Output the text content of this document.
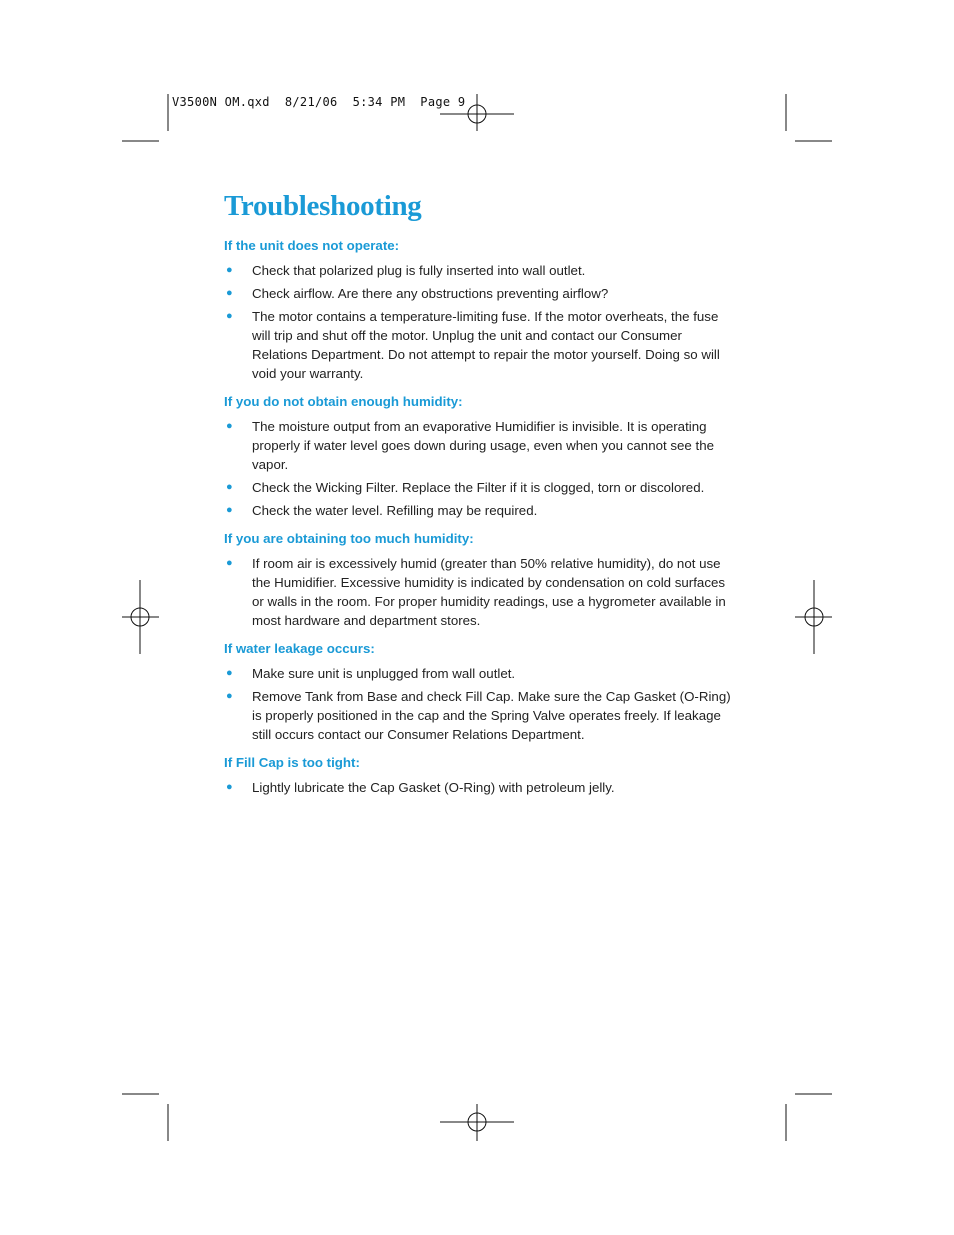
V3500N OM.qxd  8/21/06  5:34 PM  Page 9
Troubleshooting
If the unit does not operate:
● Check that polarized plug is fully inserted into wall outlet.
● Check airflow. Are there any obstructions preventing airflow?
● The motor contains a temperature-limiting fuse. If the motor overheats, the fuse will trip and shut off the motor. Unplug the unit and contact our Consumer Relations Department. Do not attempt to repair the motor yourself. Doing so will void your warranty.
If you do not obtain enough humidity:
● The moisture output from an evaporative Humidifier is invisible. It is operating properly if water level goes down during usage, even when you cannot see the vapor.
● Check the Wicking Filter. Replace the Filter if it is clogged, torn or discolored.
● Check the water level. Refilling may be required.
If you are obtaining too much humidity:
● If room air is excessively humid (greater than 50% relative humidity), do not use the Humidifier. Excessive humidity is indicated by condensation on cold surfaces or walls in the room. For proper humidity readings, use a hygrometer available in most hardware and department stores.
If water leakage occurs:
● Make sure unit is unplugged from wall outlet.
● Remove Tank from Base and check Fill Cap. Make sure the Cap Gasket (O-Ring) is properly positioned in the cap and the Spring Valve operates freely. If leakage still occurs contact our Consumer Relations Department.
If Fill Cap is too tight:
● Lightly lubricate the Cap Gasket (O-Ring) with petroleum jelly.
